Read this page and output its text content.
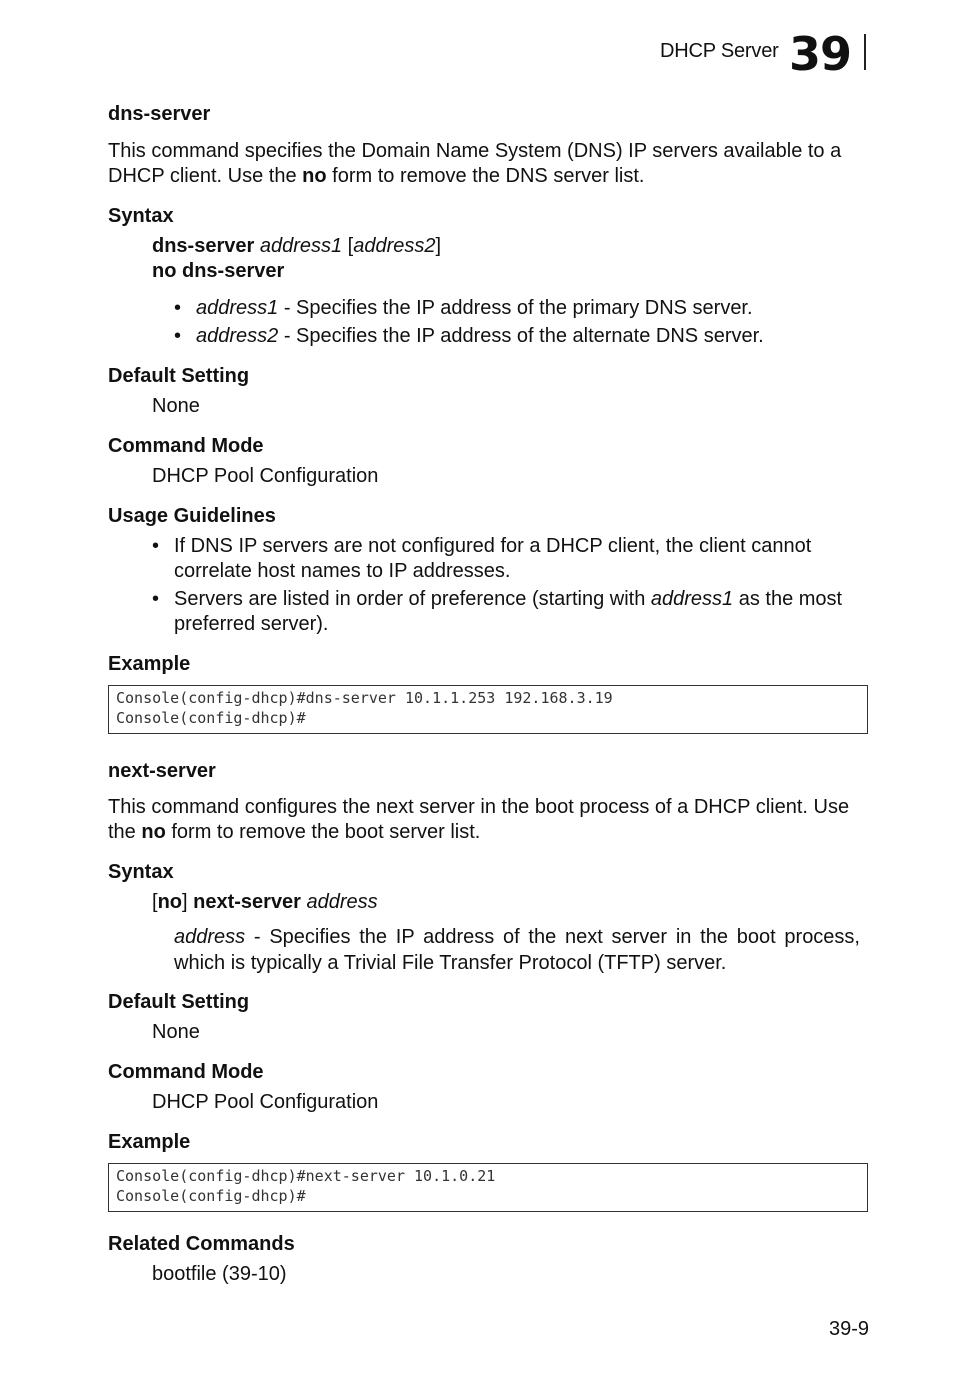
DHCP Server 39
dns-server
This command specifies the Domain Name System (DNS) IP servers available to a
DHCP client. Use the no form to remove the DNS server list.
Syntax
dns-server address1 [address2]
no dns-server
• address1 - Specifies the IP address of the primary DNS server.
• address2 - Specifies the IP address of the alternate DNS server.
Default Setting
None
Command Mode
DHCP Pool Configuration
Usage Guidelines
• If DNS IP servers are not configured for a DHCP client, the client cannot
correlate host names to IP addresses.
• Servers are listed in order of preference (starting with address1 as the most
preferred server).
Example
Console(config-dhcp)#dns-server 10.1.1.253 192.168.3.19
Console(config-dhcp)#
next-server
This command configures the next server in the boot process of a DHCP client. Use
the no form to remove the boot server list.
Syntax
[no] next-server address
address - Specifies the IP address of the next server in the boot process,
which is typically a Trivial File Transfer Protocol (TFTP) server.
Default Setting
None
Command Mode
DHCP Pool Configuration
Example
Console(config-dhcp)#next-server 10.1.0.21
Console(config-dhcp)#
Related Commands
bootfile (39-10)
39-9
